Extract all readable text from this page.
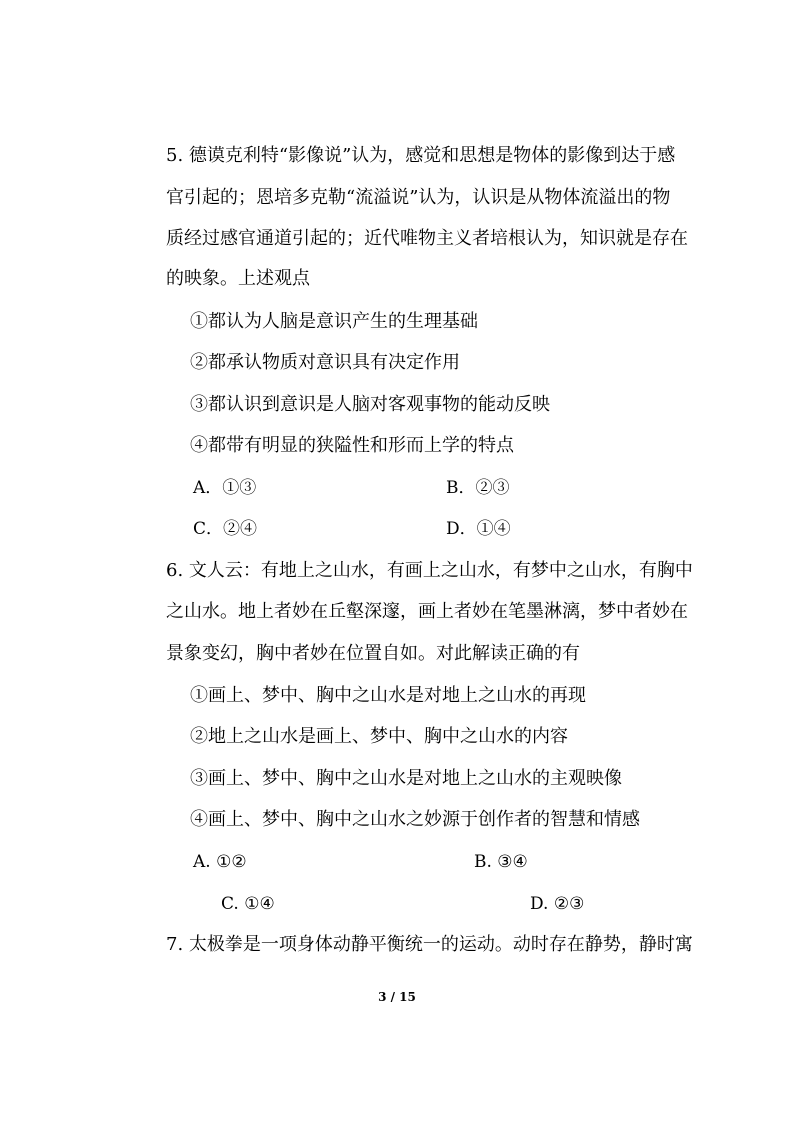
5. 德谟克利特“影像说”认为，感觉和思想是物体的影像到达于感
官引起的；恩培多克勒“流溢说”认为，认识是从物体流溢出的物
质经过感官通道引起的；近代唯物主义者培根认为，知识就是存在
的映象。上述观点
①都认为人脑是意识产生的生理基础
②都承认物质对意识具有决定作用
③都认识到意识是人脑对客观事物的能动反映
④都带有明显的狭隘性和形而上学的特点
A．①③	B．②③
C．②④	D．①④
6. 文人云：有地上之山水，有画上之山水，有梦中之山水，有胸中
之山水。地上者妙在丘壑深邃，画上者妙在笔墨淋漓，梦中者妙在
景象变幻，胸中者妙在位置自如。对此解读正确的有
①画上、梦中、胸中之山水是对地上之山水的再现
②地上之山水是画上、梦中、胸中之山水的内容
③画上、梦中、胸中之山水是对地上之山水的主观映像
④画上、梦中、胸中之山水之妙源于创作者的智慧和情感
A. ①②	B. ③④
C. ①④	D. ②③
7. 太极拳是一项身体动静平衡统一的运动。动时存在静势，静时寓
3 / 15
